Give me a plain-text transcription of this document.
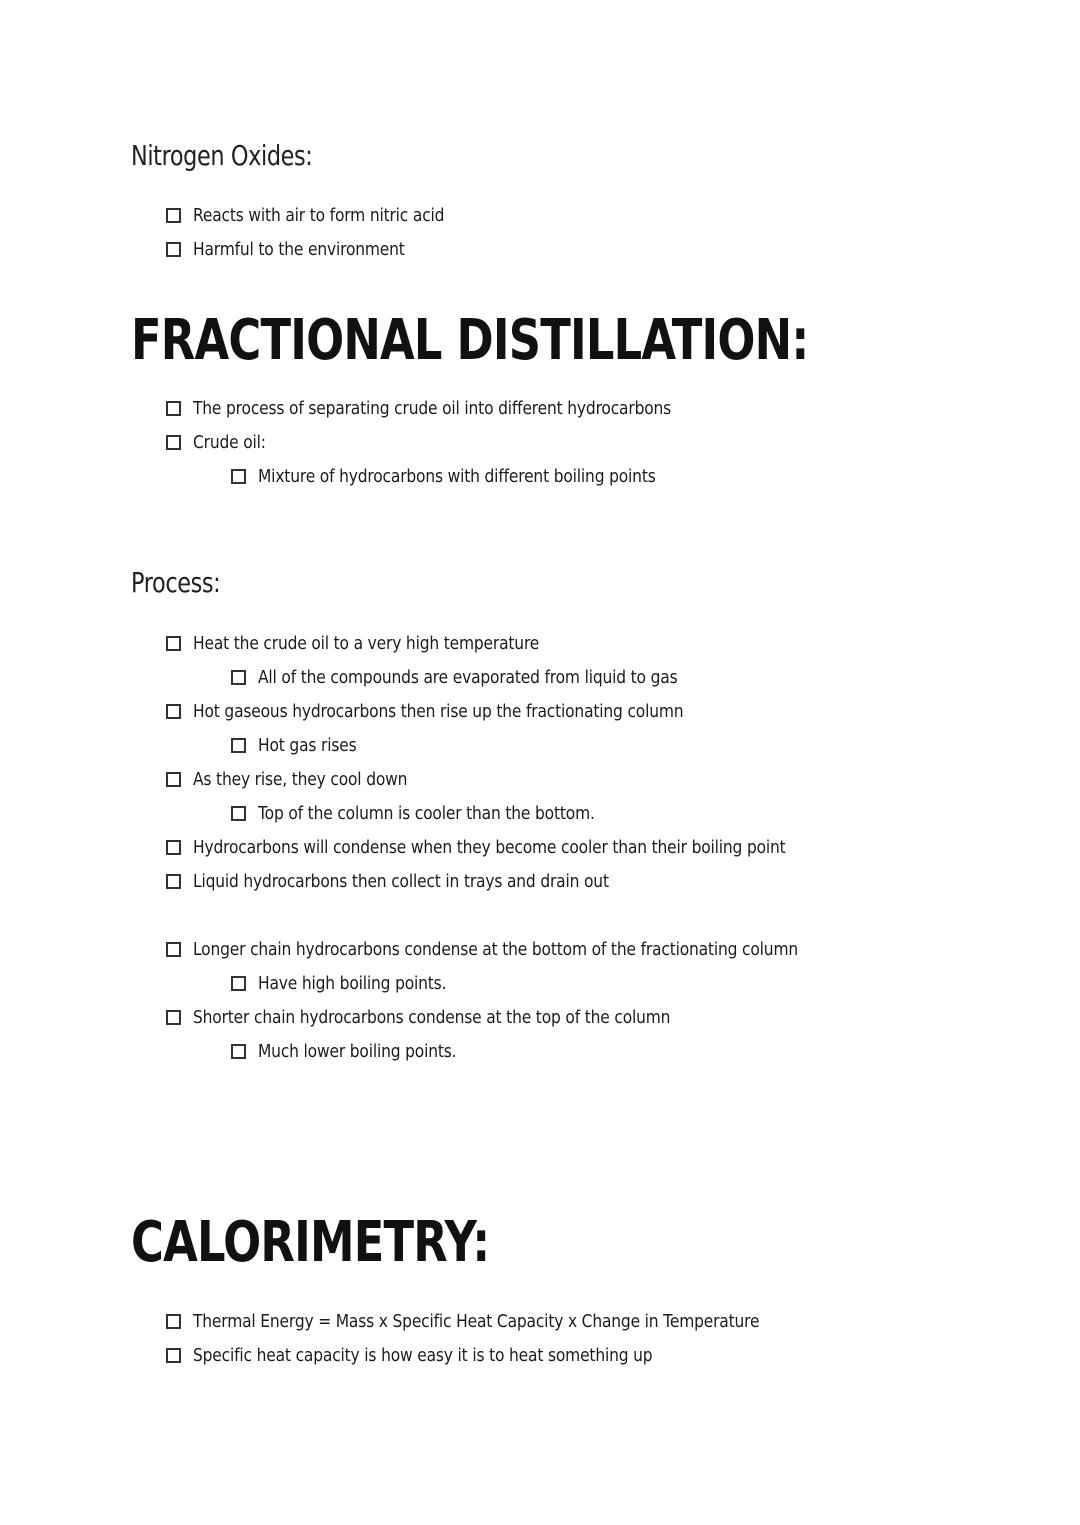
Nitrogen Oxides:
Reacts with air to form nitric acid
Harmful to the environment
FRACTIONAL DISTILLATION:
The process of separating crude oil into different hydrocarbons
Crude oil:
Mixture of hydrocarbons with different boiling points
Process:
Heat the crude oil to a very high temperature
All of the compounds are evaporated from liquid to gas
Hot gaseous hydrocarbons then rise up the fractionating column
Hot gas rises
As they rise, they cool down
Top of the column is cooler than the bottom.
Hydrocarbons will condense when they become cooler than their boiling point
Liquid hydrocarbons then collect in trays and drain out
Longer chain hydrocarbons condense at the bottom of the fractionating column
Have high boiling points.
Shorter chain hydrocarbons condense at the top of the column
Much lower boiling points.
CALORIMETRY:
Thermal Energy = Mass x Specific Heat Capacity x Change in Temperature
Specific heat capacity is how easy it is to heat something up
